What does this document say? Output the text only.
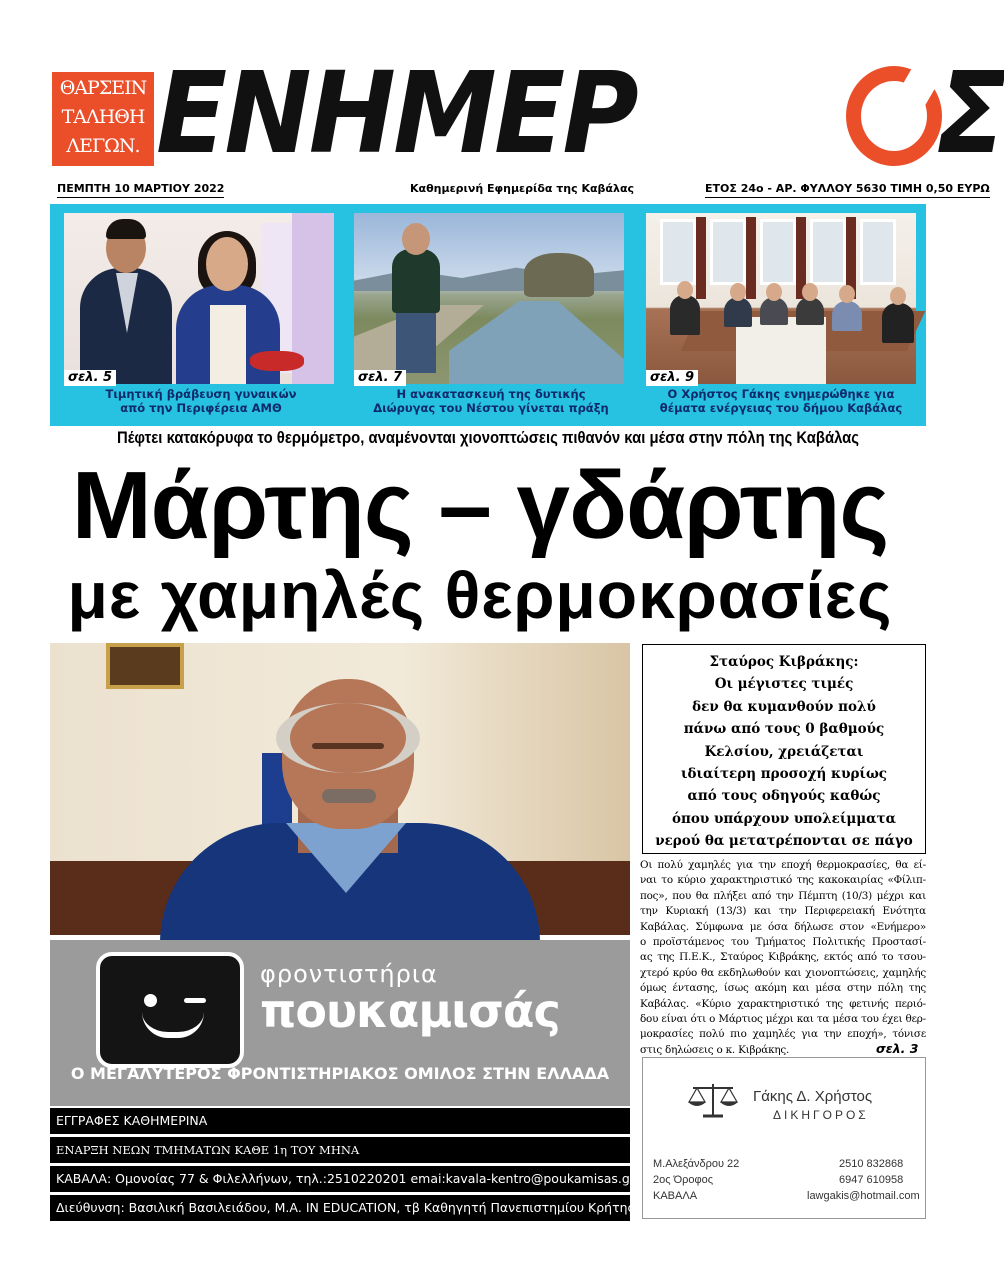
ΘΑΡΣΕΙΝ
ΤΑΛΗΘΗ
ΛΕΓΩΝ. ΕΝΗΜΕΡ	Σ
ΠΕΜΠΤΗ 10 ΜΑΡΤΙΟΥ 2022	Καθημερινή Εφημερίδα της Καβάλας	ΕΤΟΣ 24ο - ΑΡ. ΦΥΛΛΟΥ 5630 ΤΙΜΗ 0,50 ΕΥΡΩ
σελ. 5	σελ. 7	σελ. 9
Τιμητική βράβευση γυναικών
από την Περιφέρεια ΑΜΘ
Η ανακατασκευή της δυτικής
Διώρυγας του Νέστου γίνεται πράξη
Ο Χρήστος Γάκης ενημερώθηκε για
θέματα ενέργειας του δήμου Καβάλας
Πέφτει κατακόρυφα το θερμόμετρο, αναμένονται χιονοπτώσεις πιθανόν και μέσα στην πόλη της Καβάλας
Μάρτης – γδάρτης
με χαμηλές θερμοκρασίες
Σταύρος Κιβράκης:
Οι μέγιστες τιμές
δεν θα κυμανθούν πολύ
πάνω από τους 0 βαθμούς
Κελσίου, χρειάζεται
ιδιαίτερη προσοχή κυρίως
από τους οδηγούς καθώς
όπου υπάρχουν υπολείμματα
νερού θα μετατρέπονται σε πάγο
Οι πολύ χαμηλές για την εποχή θερμοκρασίες, θα εί-
ναι το κύριο χαρακτηριστικό της κακοκαιρίας «Φίλιπ-
πος», που θα πλήξει από την Πέμπτη (10/3) μέχρι και
την Κυριακή (13/3) και την Περιφερειακή Ενότητα
Καβάλας. Σύμφωνα με όσα δήλωσε στον «Ενήμερο»
ο προϊστάμενος του Τμήματος Πολιτικής Προστασί-
ας της Π.Ε.Κ., Σταύρος Κιβράκης, εκτός από το τσου-
χτερό κρύο θα εκδηλωθούν και χιονοπτώσεις, χαμηλής
όμως έντασης, ίσως ακόμη και μέσα στην πόλη της
Καβάλας. «Κύριο χαρακτηριστικό της φετινής περιό-
δου είναι ότι ο Μάρτιος μέχρι και τα μέσα του έχει θερ-
μοκρασίες πολύ πιο χαμηλές για την εποχή», τόνισε
στις δηλώσεις ο κ. Κιβράκης.	σελ. 3
φροντιστήρια
πουκαμισάς
Ο ΜΕΓΑΛΥΤΕΡΟΣ ΦΡΟΝΤΙΣΤΗΡΙΑΚΟΣ ΟΜΙΛΟΣ ΣΤΗΝ ΕΛΛΑΔΑ
ΕΓΓΡΑΦΕΣ ΚΑΘΗΜΕΡΙΝΑ
ΕΝΑΡΞΗ ΝΕΩΝ ΤΜΗΜΑΤΩΝ ΚΑΘΕ 1η ΤΟΥ ΜΗΝΑ
ΚΑΒΑΛΑ: Ομονοίας 77 & Φιλελλήνων, τηλ.:2510220201 emai:kavala-kentro@poukamisas.gr
Διεύθυνση: Βασιλική Βασιλειάδου, Μ.Α. IN EDUCATION, τβ Καθηγητή Πανεπιστημίου Κρήτης
Γάκης Δ. Χρήστος
ΔΙΚΗΓΟΡΟΣ
Μ.Αλεξάνδρου 22	2510 832868
2ος Όροφος	6947 610958
ΚΑΒΑΛΑ	lawgakis@hotmail.com
